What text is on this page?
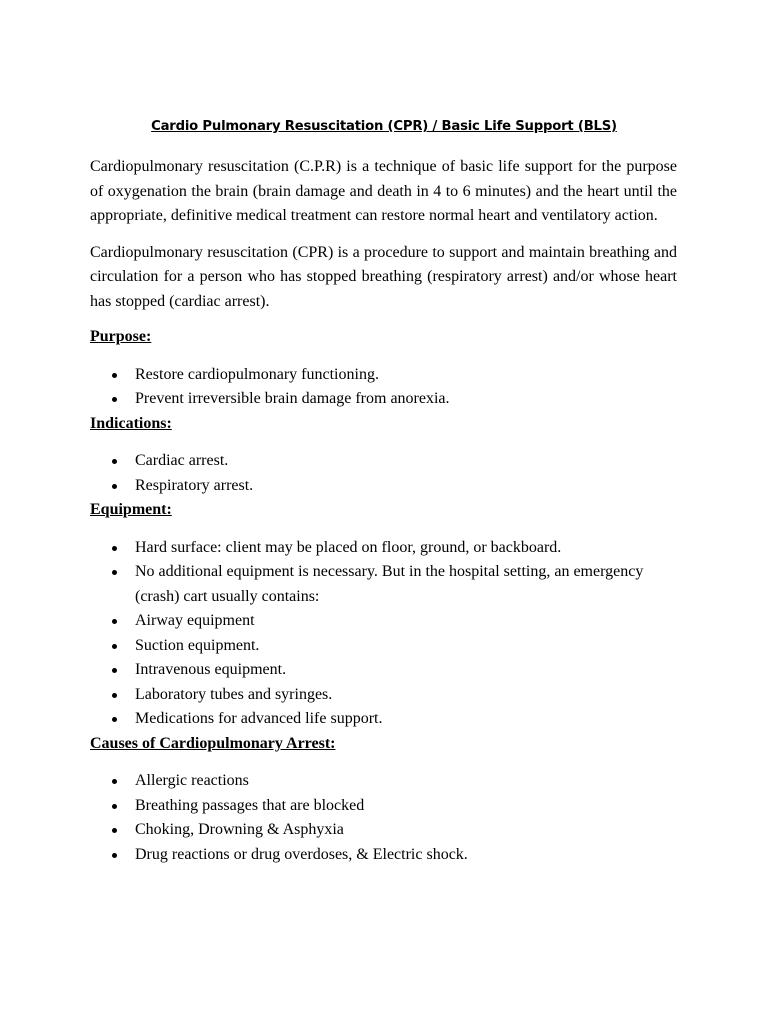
Cardio Pulmonary Resuscitation (CPR) / Basic Life Support (BLS)

Cardiopulmonary resuscitation (C.P.R) is a technique of basic life support for the purpose of oxygenation the brain (brain damage and death in 4 to 6 minutes) and the heart until the appropriate, definitive medical treatment can restore normal heart and ventilatory action.

Cardiopulmonary resuscitation (CPR) is a procedure to support and maintain breathing and circulation for a person who has stopped breathing (respiratory arrest) and/or whose heart has stopped (cardiac arrest).

Purpose:

Restore cardiopulmonary functioning.
Prevent irreversible brain damage from anorexia.

Indications:

Cardiac arrest.
Respiratory arrest.

Equipment:

Hard surface: client may be placed on floor, ground, or backboard.
No additional equipment is necessary. But in the hospital setting, an emergency (crash) cart usually contains:
Airway equipment
Suction equipment.
Intravenous equipment.
Laboratory tubes and syringes.
Medications for advanced life support.

Causes of Cardiopulmonary Arrest:

Allergic reactions
Breathing passages that are blocked
Choking, Drowning & Asphyxia
Drug reactions or drug overdoses, & Electric shock.
